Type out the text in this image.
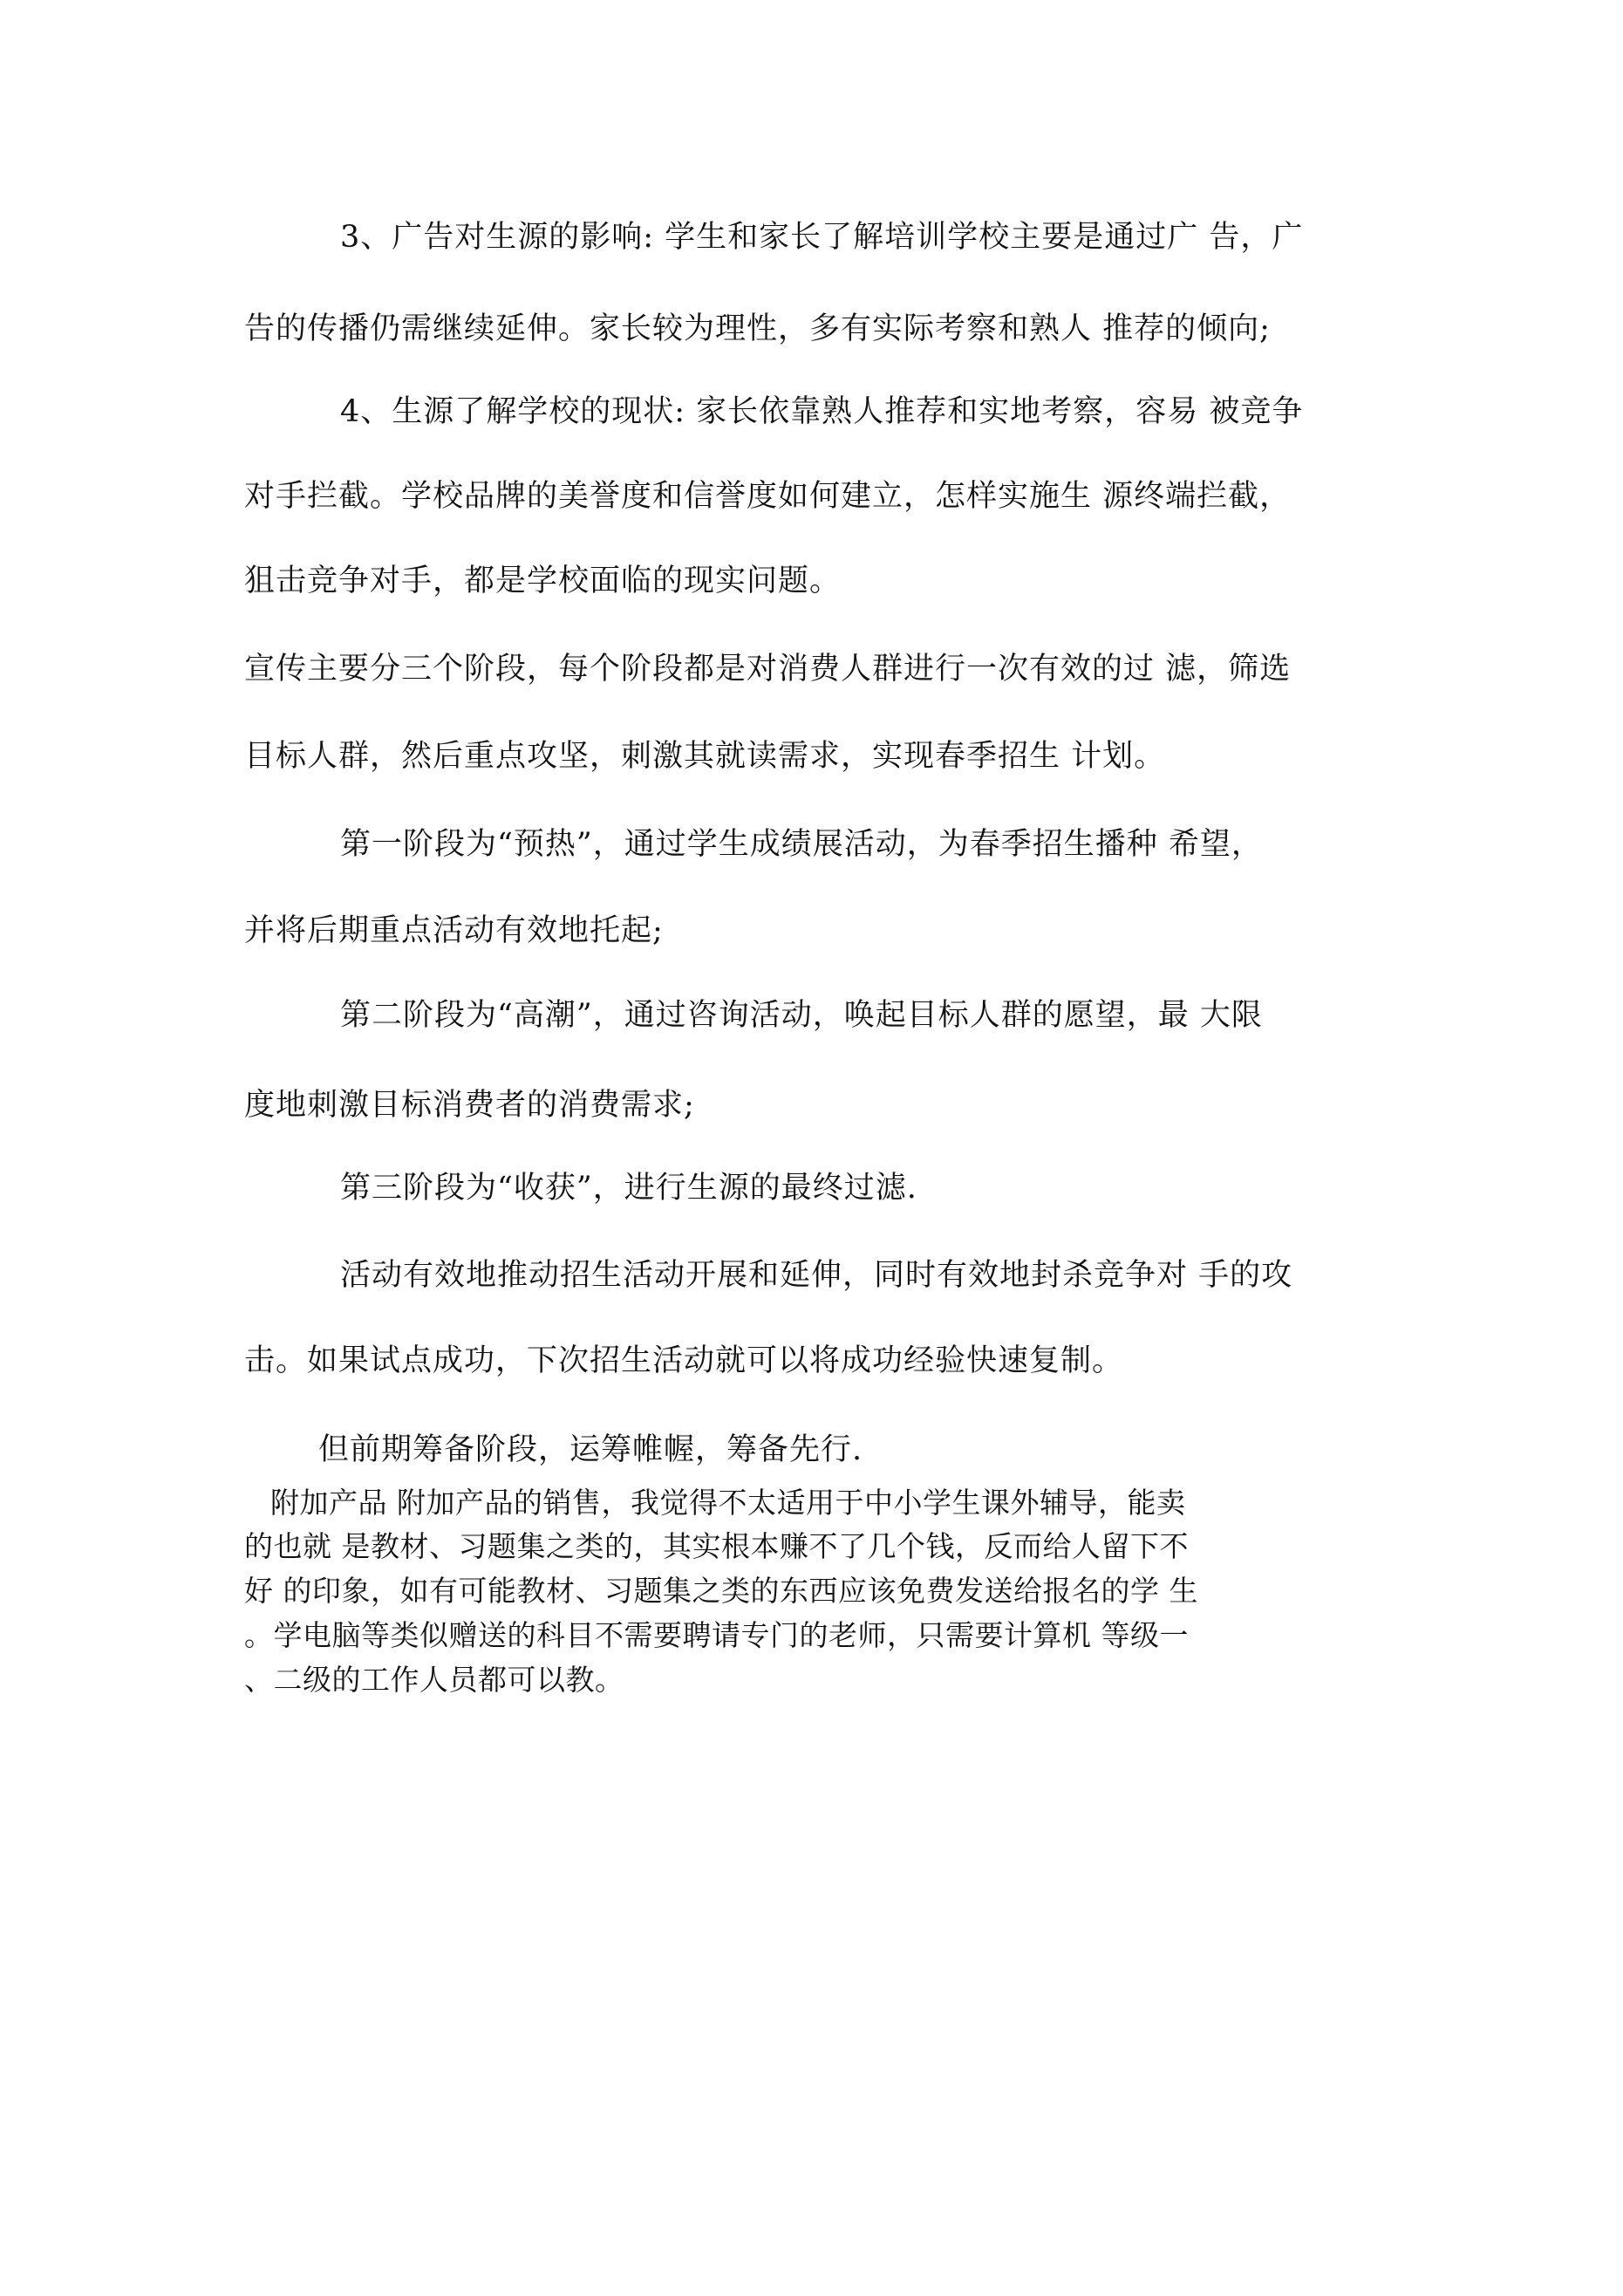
3、广告对生源的影响: 学生和家长了解培训学校主要是通过广 告，广

告的传播仍需继续延伸。家长较为理性，多有实际考察和熟人 推荐的倾向;

4、生源了解学校的现状: 家长依靠熟人推荐和实地考察，容易 被竞争

对手拦截。学校品牌的美誉度和信誉度如何建立，怎样实施生 源终端拦截，

狙击竞争对手，都是学校面临的现实问题。

宣传主要分三个阶段，每个阶段都是对消费人群进行一次有效的过 滤，筛选

目标人群，然后重点攻坚，刺激其就读需求，实现春季招生 计划。

第一阶段为“预热”，通过学生成绩展活动，为春季招生播种 希望，

并将后期重点活动有效地托起;

第二阶段为“高潮”，通过咨询活动，唤起目标人群的愿望，最 大限

度地刺激目标消费者的消费需求;

第三阶段为“收获”，进行生源的最终过滤.

活动有效地推动招生活动开展和延伸，同时有效地封杀竞争对 手的攻

击。如果试点成功，下次招生活动就可以将成功经验快速复制。

但前期筹备阶段，运筹帷幄，筹备先行.

附加产品 附加产品的销售，我觉得不太适用于中小学生课外辅导，能卖

的也就 是教材、习题集之类的，其实根本赚不了几个钱，反而给人留下不

好 的印象，如有可能教材、习题集之类的东西应该免费发送给报名的学 生

。学电脑等类似赠送的科目不需要聘请专门的老师，只需要计算机 等级一

、二级的工作人员都可以教。
